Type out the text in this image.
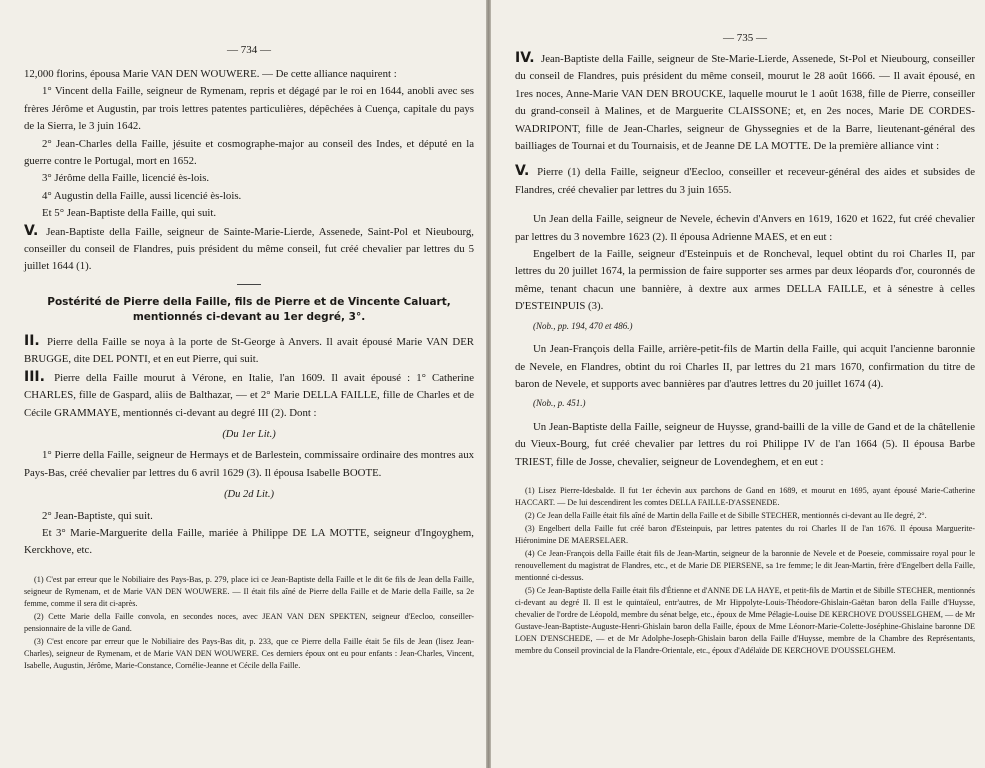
— 734 —

12,000 florins, épousa Marie VAN DEN WOUWERE. — De cette alliance naquirent :

1° Vincent della Faille, seigneur de Rymenam, repris et dégagé par le roi en 1644, anobli avec ses frères Jérôme et Augustin, par trois lettres patentes particulières, dépêchées à Cuença, capitale du pays de la Sierra, le 3 juin 1642.

2° Jean-Charles della Faille, jésuite et cosmographe-major au conseil des Indes, et député en la guerre contre le Portugal, mort en 1652.

3° Jérôme della Faille, licencié ès-lois.

4° Augustin della Faille, aussi licencié ès-lois.

Et 5° Jean-Baptiste della Faille, qui suit.

V. Jean-Baptiste della Faille, seigneur de Sainte-Marie-Lierde, Assenede, Saint-Pol et Nieubourg, conseiller du conseil de Flandres, puis président du même conseil, fut créé chevalier par lettres du 5 juillet 1644 (1).

Postérité de Pierre della Faille, fils de Pierre et de Vincente Caluart, mentionnés ci-devant au 1er degré, 3°.

II. Pierre della Faille se noya à la porte de St-George à Anvers. Il avait épousé Marie VAN DER BRUGGE, dite DEL PONTI, et en eut Pierre, qui suit.

III. Pierre della Faille mourut à Vérone, en Italie, l'an 1609. Il avait épousé : 1° Catherine CHARLES, fille de Gaspard, aliis de Balthazar, — et 2° Marie DELLA FAILLE, fille de Charles et de Cécile GRAMMAYE, mentionnés ci-devant au degré III (2). Dont :

(Du 1er Lit.)

1° Pierre della Faille, seigneur de Hermays et de Barlestein, commissaire ordinaire des montres aux Pays-Bas, créé chevalier par lettres du 6 avril 1629 (3). Il épousa Isabelle BOOTE.

(Du 2d Lit.)

2° Jean-Baptiste, qui suit.

Et 3° Marie-Marguerite della Faille, mariée à Philippe DE LA MOTTE, seigneur d'Ingoyghem, Kerckhove, etc.

(1) C'est par erreur que le Nobiliaire des Pays-Bas, p. 279, place ici ce Jean-Baptiste della Faille et le dit 6e fils de Jean della Faille, seigneur de Rymenam, et de Marie VAN DEN WOUWERE. — Il était fils aîné de Pierre della Faille et de Marie della Faille, sa 2e femme, comme il sera dit ci-après.

(2) Cette Marie della Faille convola, en secondes noces, avec JEAN VAN DEN SPEKTEN, seigneur d'Eecloo, conseiller-pensionnaire de la ville de Gand.

(3) C'est encore par erreur que le Nobiliaire des Pays-Bas dit, p. 233, que ce Pierre della Faille était 5e fils de Jean (lisez Jean-Charles), seigneur de Rymenam, et de Marie VAN DEN WOUWERE. Ces derniers époux ont eu pour enfants : Jean-Charles, Vincent, Isabelle, Augustin, Jérôme, Marie-Constance, Cornélie-Jeanne et Cécile della Faille.

— 735 —

IV. Jean-Baptiste della Faille, seigneur de Ste-Marie-Lierde, Assenede, St-Pol et Nieubourg, conseiller du conseil de Flandres, puis président du même conseil, mourut le 28 août 1666. — Il avait épousé, en 1res noces, Anne-Marie VAN DEN BROUCKE, laquelle mourut le 1 août 1638, fille de Pierre, conseiller du grand-conseil à Malines, et de Marguerite CLAISSONE; et, en 2es noces, Marie DE CORDES-WADRIPONT, fille de Jean-Charles, seigneur de Ghyssegnies et de la Barre, lieutenant-général des bailliages de Tournai et du Tournaisis, et de Jeanne DE LA MOTTE. De la première alliance vint :

V. Pierre (1) della Faille, seigneur d'Eecloo, conseiller et receveur-général des aides et subsides de Flandres, créé chevalier par lettres du 3 juin 1655.

Un Jean della Faille, seigneur de Nevele, échevin d'Anvers en 1619, 1620 et 1622, fut créé chevalier par lettres du 3 novembre 1623 (2). Il épousa Adrienne MAES, et en eut :

Engelbert de la Faille, seigneur d'Esteinpuis et de Roncheval, lequel obtint du roi Charles II, par lettres du 20 juillet 1674, la permission de faire supporter ses armes par deux léopards d'or, couronnés de même, tenant chacun une bannière, à dextre aux armes DELLA FAILLE, et à sénestre à celles D'ESTEINPUIS (3).

(Nob., pp. 194, 470 et 486.)

Un Jean-François della Faille, arrière-petit-fils de Martin della Faille, qui acquit l'ancienne baronnie de Nevele, en Flandres, obtint du roi Charles II, par lettres du 21 mars 1670, confirmation du titre de baron de Nevele, et supports avec bannières par d'autres lettres du 20 juillet 1674 (4).

(Nob., p. 451.)

Un Jean-Baptiste della Faille, seigneur de Huysse, grand-bailli de la ville de Gand et de la châtellenie du Vieux-Bourg, fut créé chevalier par lettres du roi Philippe IV de l'an 1664 (5). Il épousa Barbe TRIEST, fille de Josse, chevalier, seigneur de Lovendeghem, et en eut :

(1) Lisez Pierre-Idesbalde. Il fut 1er échevin aux parchons de Gand en 1689, et mourut en 1695, ayant épousé Marie-Catherine HACCART. — De lui descendirent les comtes DELLA FAILLE-D'ASSENEDE.

(2) Ce Jean della Faille était fils aîné de Martin della Faille et de Sibille STECHER, mentionnés ci-devant au IIe degré, 2°.

(3) Engelbert della Faille fut créé baron d'Esteinpuis, par lettres patentes du roi Charles II de l'an 1676. Il épousa Marguerite-Hiéronimine DE MAERSELAER.

(4) Ce Jean-François della Faille était fils de Jean-Martin, seigneur de la baronnie de Nevele et de Poeseie, commissaire royal pour le renouvellement du magistrat de Flandres, etc., et de Marie DE PIERSENE, sa 1re femme; le dit Jean-Martin, frère d'Engelbert della Faille, mentionné ci-dessus.

(5) Ce Jean-Baptiste della Faille était fils d'Étienne et d'ANNE DE LA HAYE, et petit-fils de Martin et de Sibille STECHER, mentionnés ci-devant au degré II. Il est le quintaïeul, entr'autres, de Mr Hippolyte-Louis-Théodore-Ghislain-Gaëtan baron della Faille d'Huysse, chevalier de l'ordre de Léopold, membre du sénat belge, etc., époux de Mme Pélagie-Louise DE KERCHOVE D'OUSSELGHEM, — de Mr Gustave-Jean-Baptiste-Auguste-Henri-Ghislain baron della Faille, époux de Mme Léonorr-Marie-Colette-Joséphine-Ghislaine baronne DE LOEN D'ENSCHEDE, — et de Mr Adolphe-Joseph-Ghislain baron della Faille d'Huysse, membre de la Chambre des Représentants, membre du Conseil provincial de la Flandre-Orientale, etc., époux d'Adélaïde DE KERCHOVE D'OUSSELGHEM.
